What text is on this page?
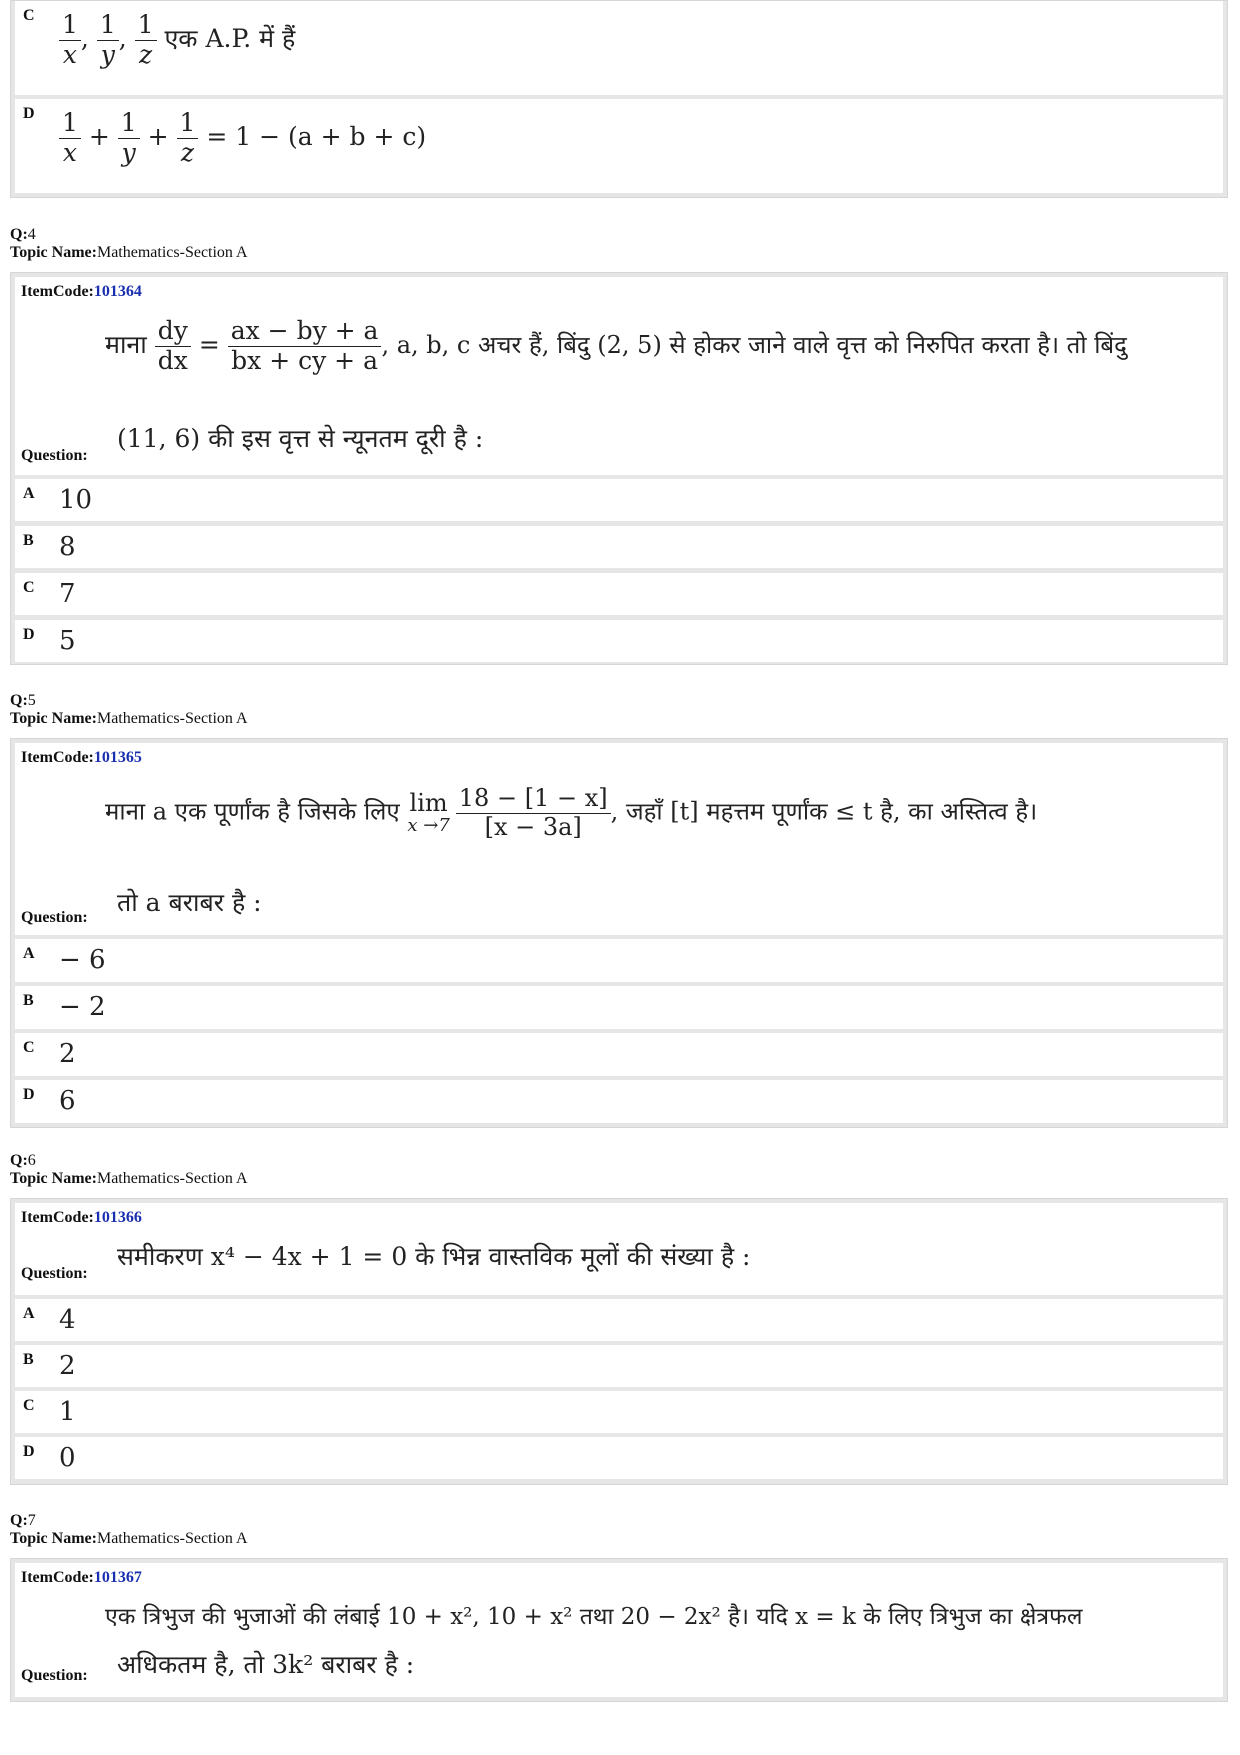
C $\frac{1}{x}$ , $\frac{1}{y}$ , $\frac{1}{z}$ एक A.P. में हैं
D $\frac{1}{x} + \frac{1}{y} + \frac{1}{z} = 1 - (a + b + c)$
Q:4
Topic Name:Mathematics-Section A
ItemCode:101364
माना $\frac{dy}{dx} = \frac{ax - by + a}{bx + cy + a}$ , a, b, c अचर हैं, बिंदु (2, 5) से होकर जाने वाले वृत्त को निरुपित करता है। तो बिंदु
Question:
(11, 6) की इस वृत्त से न्यूनतम दूरी है :
A 10
B 8
C 7
D 5
Q:5
Topic Name:Mathematics-Section A
ItemCode:101365
माना a एक पूर्णांक है जिसके लिए lim
$x \to 7 \frac{18 - [1 - x]}{[x - 3a]}$ , जहाँ [t] महत्तम पूर्णांक ≤ t है, का अस्तित्व है।
Question:
तो a बराबर है :
A − 6
B − 2
C 2
D 6
Q:6
Topic Name:Mathematics-Section A
ItemCode:101366
Question:
समीकरण x⁴ − 4x + 1 = 0 के भिन्न वास्तविक मूलों की संख्या है :
A 4
B 2
C 1
D 0
Q:7
Topic Name:Mathematics-Section A
ItemCode:101367
एक त्रिभुज की भुजाओं की लंबाई 10 + x², 10 + x² तथा 20 − 2x² है। यदि x = k के लिए त्रिभुज का क्षेत्रफल
Question: अधिकतम है, तो 3k² बराबर है :
